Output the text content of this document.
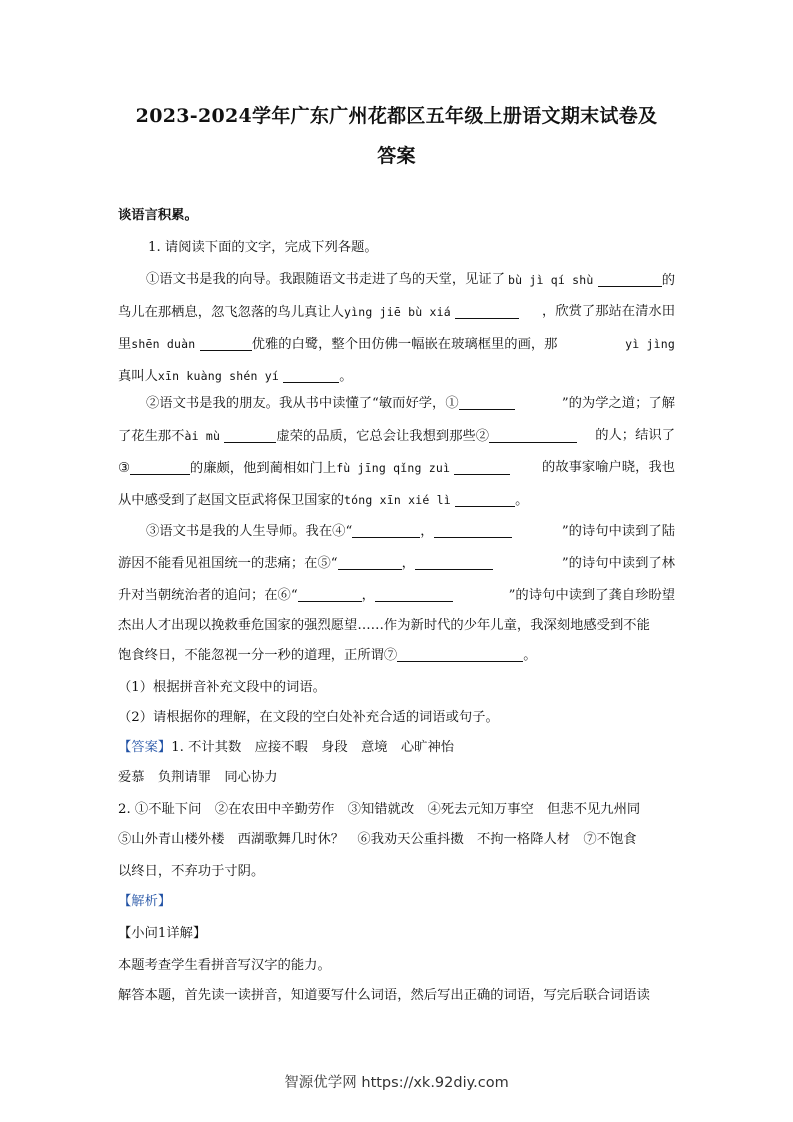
2023-2024学年广东广州花都区五年级上册语文期末试卷及
答案
谈语言积累。
1. 请阅读下面的文字，完成下列各题。
①语文书是我的向导。我跟随语文书走进了鸟的天堂，见证了 bù jì qí shù	的
鸟儿在那栖息，忽飞忽落的鸟儿真让人yìng jiē bù xiá	，欣赏了那站在清水田
里shēn duàn	优雅的白鹭，整个田仿佛一幅嵌在玻璃框里的画，那	yì jìng
真叫人xīn kuàng shén yí	。
②语文书是我的朋友。我从书中读懂了“敏而好学，①	”的为学之道；了解
了花生那不ài mù	虚荣的品质，它总会让我想到那些②	的人；结识了
③	的廉颇，他到蔺相如门上fù jīng qǐng zuì	的故事家喻户晓，我也
从中感受到了赵国文臣武将保卫国家的tóng xīn xié lì	。
③语文书是我的人生导师。我在④“	，	”的诗句中读到了陆
游因不能看见祖国统一的悲痛；在⑤“	，	”的诗句中读到了林
升对当朝统治者的追问；在⑥“	，	”的诗句中读到了龚自珍盼望
杰出人才出现以挽救垂危国家的强烈愿望……作为新时代的少年儿童，我深刻地感受到不能
饱食终日，不能忽视一分一秒的道理，正所谓⑦	。
（1）根据拼音补充文段中的词语。
（2）请根据你的理解，在文段的空白处补充合适的词语或句子。
【答案】1. 不计其数　应接不暇　身段　意境　心旷神怡
爱慕　负荆请罪　同心协力
2. ①不耻下问　②在农田中辛勤劳作　③知错就改　④死去元知万事空　但悲不见九州同
⑤山外青山楼外楼　西湖歌舞几时休？　⑥我劝天公重抖擞　不拘一格降人材　⑦不饱食
以终日，不弃功于寸阴。
【解析】
【小问1详解】
本题考查学生看拼音写汉字的能力。
解答本题，首先读一读拼音，知道要写什么词语，然后写出正确的词语，写完后联合词语读
智源优学网 https://xk.92diy.com
